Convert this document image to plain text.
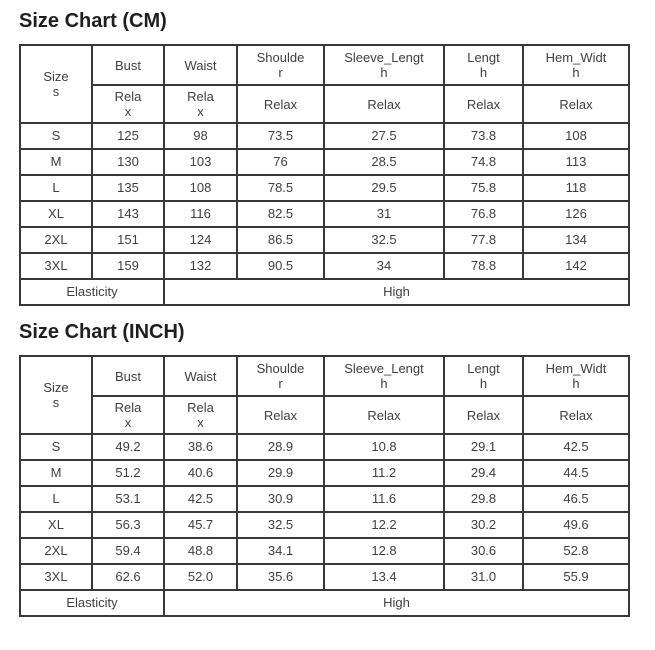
Size Chart (CM)
Sizes	Bust	Waist	Shoulder	Sleeve_Length	Length	Hem_Width
	Relax	Relax	Relax	Relax	Relax	Relax
S	125	98	73.5	27.5	73.8	108
M	130	103	76	28.5	74.8	113
L	135	108	78.5	29.5	75.8	118
XL	143	116	82.5	31	76.8	126
2XL	151	124	86.5	32.5	77.8	134
3XL	159	132	90.5	34	78.8	142
Elasticity		High				
Size Chart (INCH)
Sizes	Bust	Waist	Shoulder	Sleeve_Length	Length	Hem_Width
	Relax	Relax	Relax	Relax	Relax	Relax
S	49.2	38.6	28.9	10.8	29.1	42.5
M	51.2	40.6	29.9	11.2	29.4	44.5
L	53.1	42.5	30.9	11.6	29.8	46.5
XL	56.3	45.7	32.5	12.2	30.2	49.6
2XL	59.4	48.8	34.1	12.8	30.6	52.8
3XL	62.6	52.0	35.6	13.4	31.0	55.9
Elasticity		High				
